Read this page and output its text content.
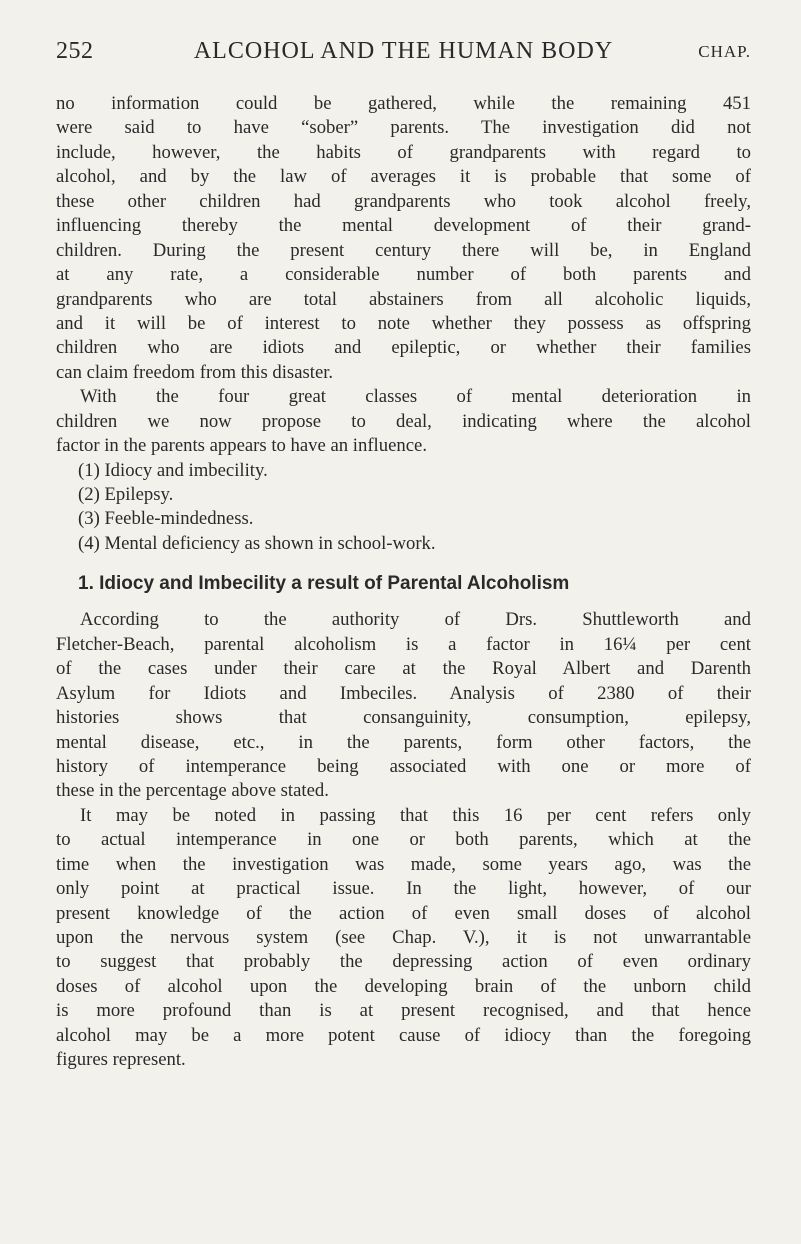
252	ALCOHOL AND THE HUMAN BODY	CHAP.
no information could be gathered, while the remaining 451
were said to have “sober” parents. The investigation did not
include, however, the habits of grandparents with regard to
alcohol, and by the law of averages it is probable that some of
these other children had grandparents who took alcohol freely,
influencing thereby the mental development of their grand-
children. During the present century there will be, in England
at any rate, a considerable number of both parents and
grandparents who are total abstainers from all alcoholic liquids,
and it will be of interest to note whether they possess as offspring
children who are idiots and epileptic, or whether their families
can claim freedom from this disaster.
With the four great classes of mental deterioration in
children we now propose to deal, indicating where the alcohol
factor in the parents appears to have an influence.
(1) Idiocy and imbecility.
(2) Epilepsy.
(3) Feeble-mindedness.
(4) Mental deficiency as shown in school-work.
1. Idiocy and Imbecility a result of Parental Alcoholism
According to the authority of Drs. Shuttleworth and
Fletcher-Beach, parental alcoholism is a factor in 16¼ per cent
of the cases under their care at the Royal Albert and Darenth
Asylum for Idiots and Imbeciles. Analysis of 2380 of their
histories shows that consanguinity, consumption, epilepsy,
mental disease, etc., in the parents, form other factors, the
history of intemperance being associated with one or more of
these in the percentage above stated.
It may be noted in passing that this 16 per cent refers only
to actual intemperance in one or both parents, which at the
time when the investigation was made, some years ago, was the
only point at practical issue. In the light, however, of our
present knowledge of the action of even small doses of alcohol
upon the nervous system (see Chap. V.), it is not unwarrantable
to suggest that probably the depressing action of even ordinary
doses of alcohol upon the developing brain of the unborn child
is more profound than is at present recognised, and that hence
alcohol may be a more potent cause of idiocy than the foregoing
figures represent.
